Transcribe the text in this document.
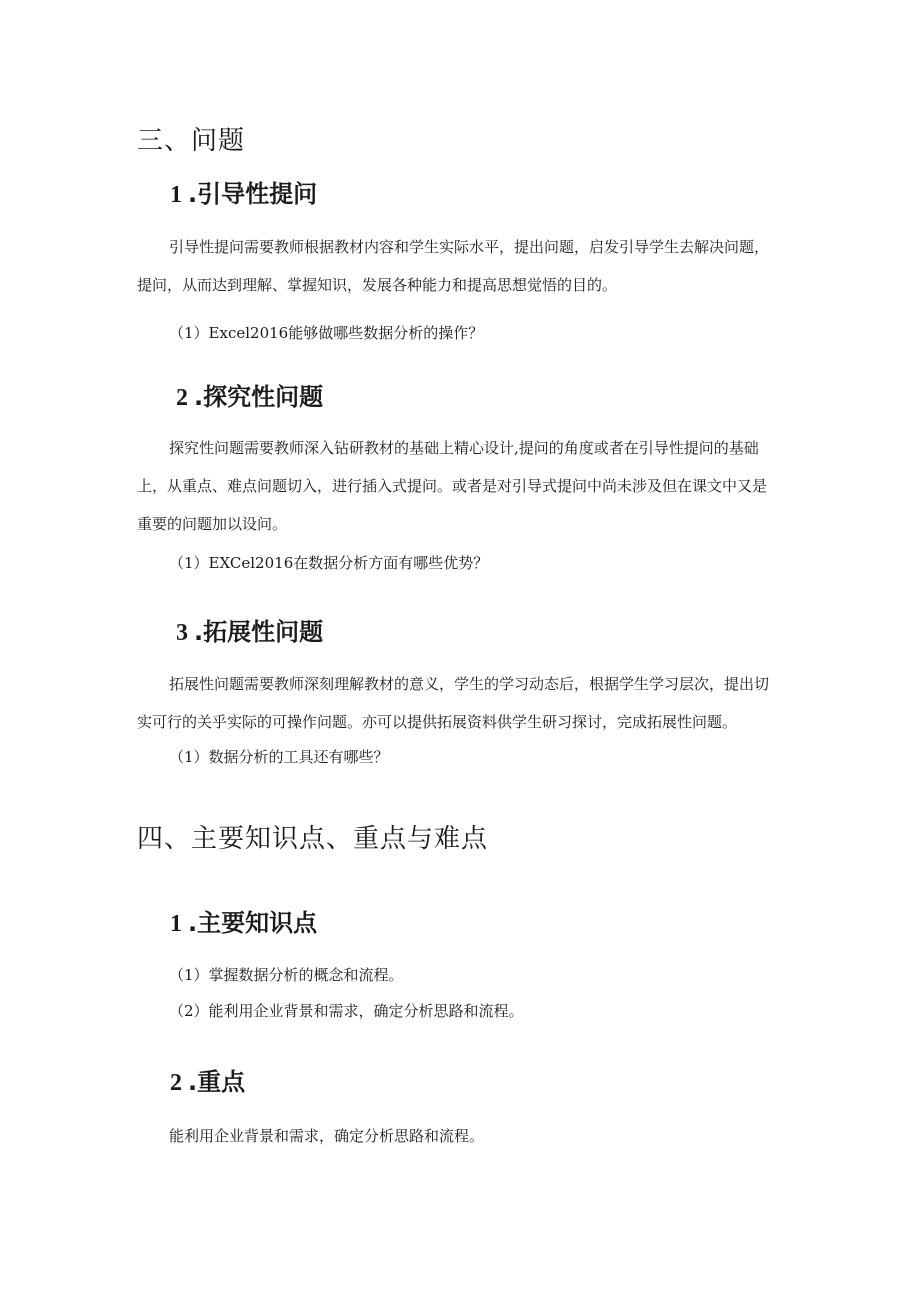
三、问题
1 .引导性提问

引导性提问需要教师根据教材内容和学生实际水平，提出问题，启发引导学生去解决问题，提问，从而达到理解、掌握知识，发展各种能力和提高思想觉悟的目的。

（1）Excel2016能够做哪些数据分析的操作？

2 .探究性问题

探究性问题需要教师深入钻研教材的基础上精心设计,提问的角度或者在引导性提问的基础上，从重点、难点问题切入，进行插入式提问。或者是对引导式提问中尚未涉及但在课文中又是重要的问题加以设问。

（1）EXCel2016在数据分析方面有哪些优势？

3 .拓展性问题

拓展性问题需要教师深刻理解教材的意义，学生的学习动态后，根据学生学习层次，提出切实可行的关乎实际的可操作问题。亦可以提供拓展资料供学生研习探讨，完成拓展性问题。

（1）数据分析的工具还有哪些？

四、主要知识点、重点与难点
1 .主要知识点

（1）掌握数据分析的概念和流程。

（2）能利用企业背景和需求，确定分析思路和流程。

2 .重点

能利用企业背景和需求，确定分析思路和流程。
